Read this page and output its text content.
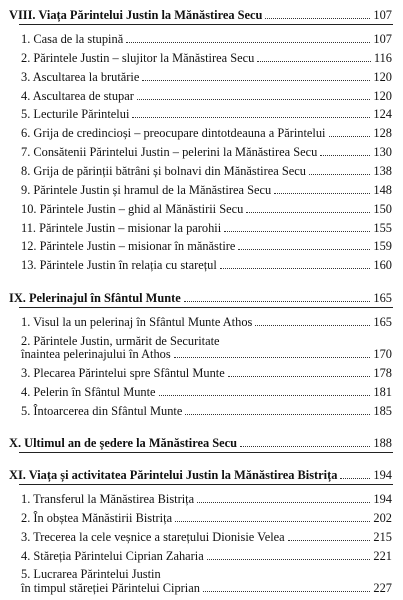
VIII. Viața Părintelui Justin la Mănăstirea Secu	107
1. Casa de la stupină	107
2. Părintele Justin – slujitor la Mănăstirea Secu	116
3. Ascultarea la brutărie	120
4. Ascultarea de stupar	120
5. Lecturile Părintelui	124
6. Grija de credincioși – preocupare dintotdeauna a Părintelui	128
7. Consătenii Părintelui Justin – pelerini la Mănăstirea Secu	130
8. Grija de părinții bătrâni și bolnavi din Mănăstirea Secu	138
9. Părintele Justin și hramul de la Mănăstirea Secu	148
10. Părintele Justin – ghid al Mănăstirii Secu	150
11. Părintele Justin – misionar la parohii	155
12. Părintele Justin – misionar în mănăstire	159
13. Părintele Justin în relația cu starețul	160
IX. Pelerinajul în Sfântul Munte	165
1. Visul la un pelerinaj în Sfântul Munte Athos	165
2. Părintele Justin, urmărit de Securitate
înaintea pelerinajului în Athos	170
3. Plecarea Părintelui spre Sfântul Munte	178
4. Pelerin în Sfântul Munte	181
5. Întoarcerea din Sfântul Munte	185
X. Ultimul an de ședere la Mănăstirea Secu	188
XI. Viața și activitatea Părintelui Justin la Mănăstirea Bistrița	194
1. Transferul la Mănăstirea Bistrița	194
2. În obștea Mănăstirii Bistrița	202
3. Trecerea la cele veșnice a starețului Dionisie Velea	215
4. Stăreția Părintelui Ciprian Zaharia	221
5. Lucrarea Părintelui Justin
în timpul stăreției Părintelui Ciprian	227
